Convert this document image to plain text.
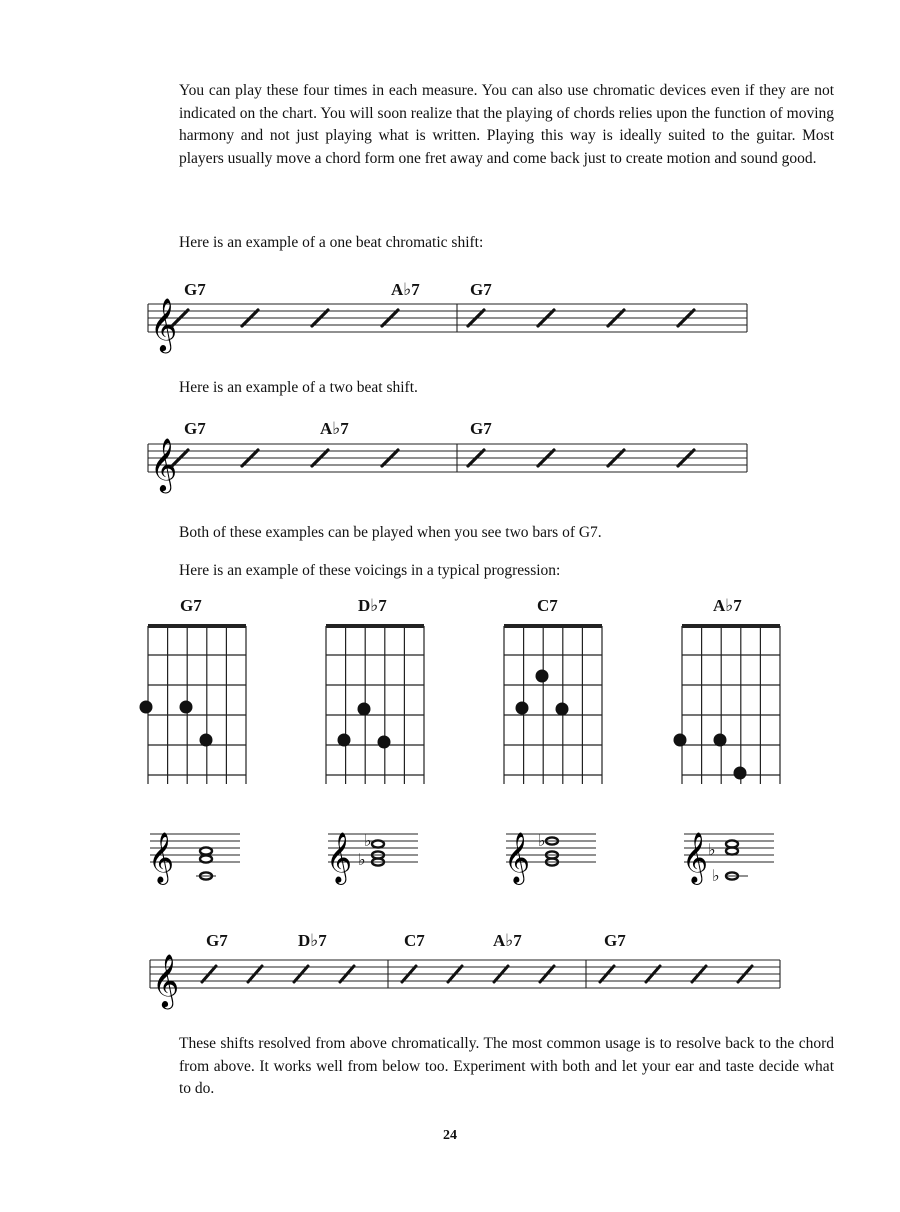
You can play these four times in each measure. You can also use chromatic devices even if they are not indicated on the chart. You will soon realize that the playing of chords relies upon the function of moving harmony and not just playing what is written. Playing this way is ideally suited to the guitar. Most players usually move a chord form one fret away and come back just to create motion and sound good.

Here is an example of a one beat chromatic shift:

G7	A♭7	G7
𝄞

Here is an example of a two beat shift.

G7	A♭7	G7
𝄞

Both of these examples can be played when you see two bars of G7.

Here is an example of these voicings in a typical progression:

G7	D♭7	C7	A♭7
𝄞	𝄞 ♭
♭	𝄞 ♭	𝄞 ♭
♭
G7	D♭7	C7	A♭7	G7
𝄞

These shifts resolved from above chromatically. The most common usage is to resolve back to the chord from above. It works well from below too. Experiment with both and let your ear and taste decide what to do.

24
